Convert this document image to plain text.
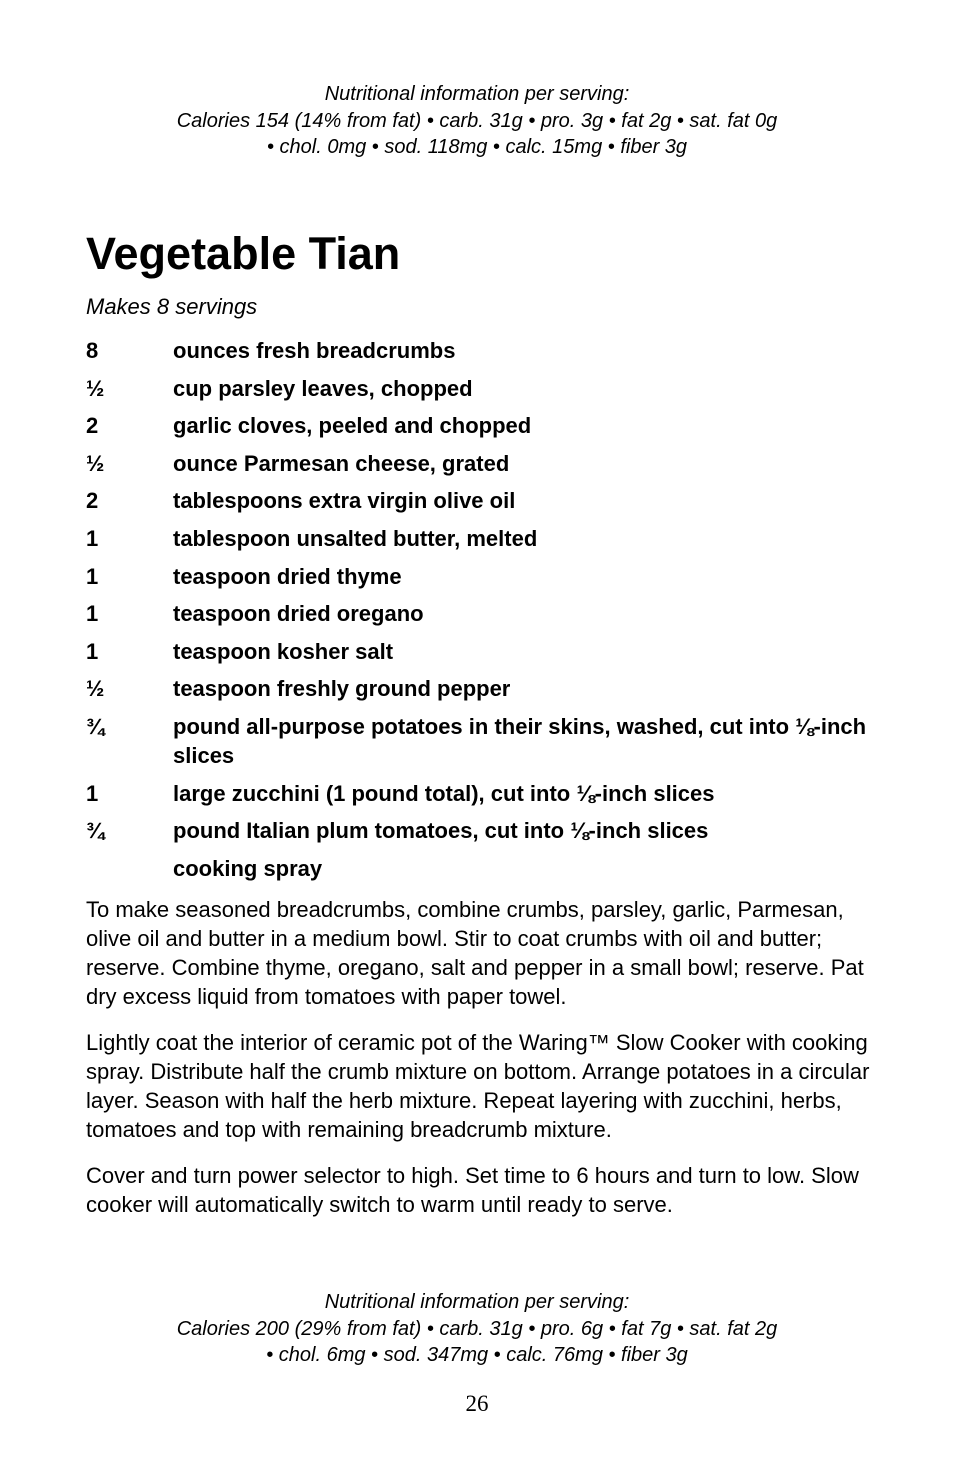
Nutritional information per serving:
Calories 154 (14% from fat) • carb. 31g • pro. 3g • fat 2g • sat. fat 0g
• chol. 0mg • sod. 118mg • calc. 15mg • fiber 3g
Vegetable Tian
Makes 8 servings
8	ounces fresh breadcrumbs
½	cup parsley leaves, chopped
2	garlic cloves, peeled and chopped
½	ounce Parmesan cheese, grated
2	tablespoons extra virgin olive oil
1	tablespoon unsalted butter, melted
1	teaspoon dried thyme
1	teaspoon dried oregano
1	teaspoon kosher salt
½	teaspoon freshly ground pepper
¾	pound all-purpose potatoes in their skins, washed, cut into ⅛-inch slices
1	large zucchini (1 pound total), cut into ⅛-inch slices
¾	pound Italian plum tomatoes, cut into ⅛-inch slices
cooking spray

To make seasoned breadcrumbs, combine crumbs, parsley, garlic, Parmesan, olive oil and butter in a medium bowl. Stir to coat crumbs with oil and butter; reserve. Combine thyme, oregano, salt and pepper in a small bowl; reserve. Pat dry excess liquid from tomatoes with paper towel.

Lightly coat the interior of ceramic pot of the Waring™ Slow Cooker with cooking spray. Distribute half the crumb mixture on bottom. Arrange potatoes in a circular layer. Season with half the herb mixture. Repeat layering with zucchini, herbs, tomatoes and top with remaining breadcrumb mixture.

Cover and turn power selector to high. Set time to 6 hours and turn to low. Slow cooker will automatically switch to warm until ready to serve.

Nutritional information per serving:
Calories 200 (29% from fat) • carb. 31g • pro. 6g • fat 7g • sat. fat 2g
• chol. 6mg • sod. 347mg • calc. 76mg • fiber 3g
26
